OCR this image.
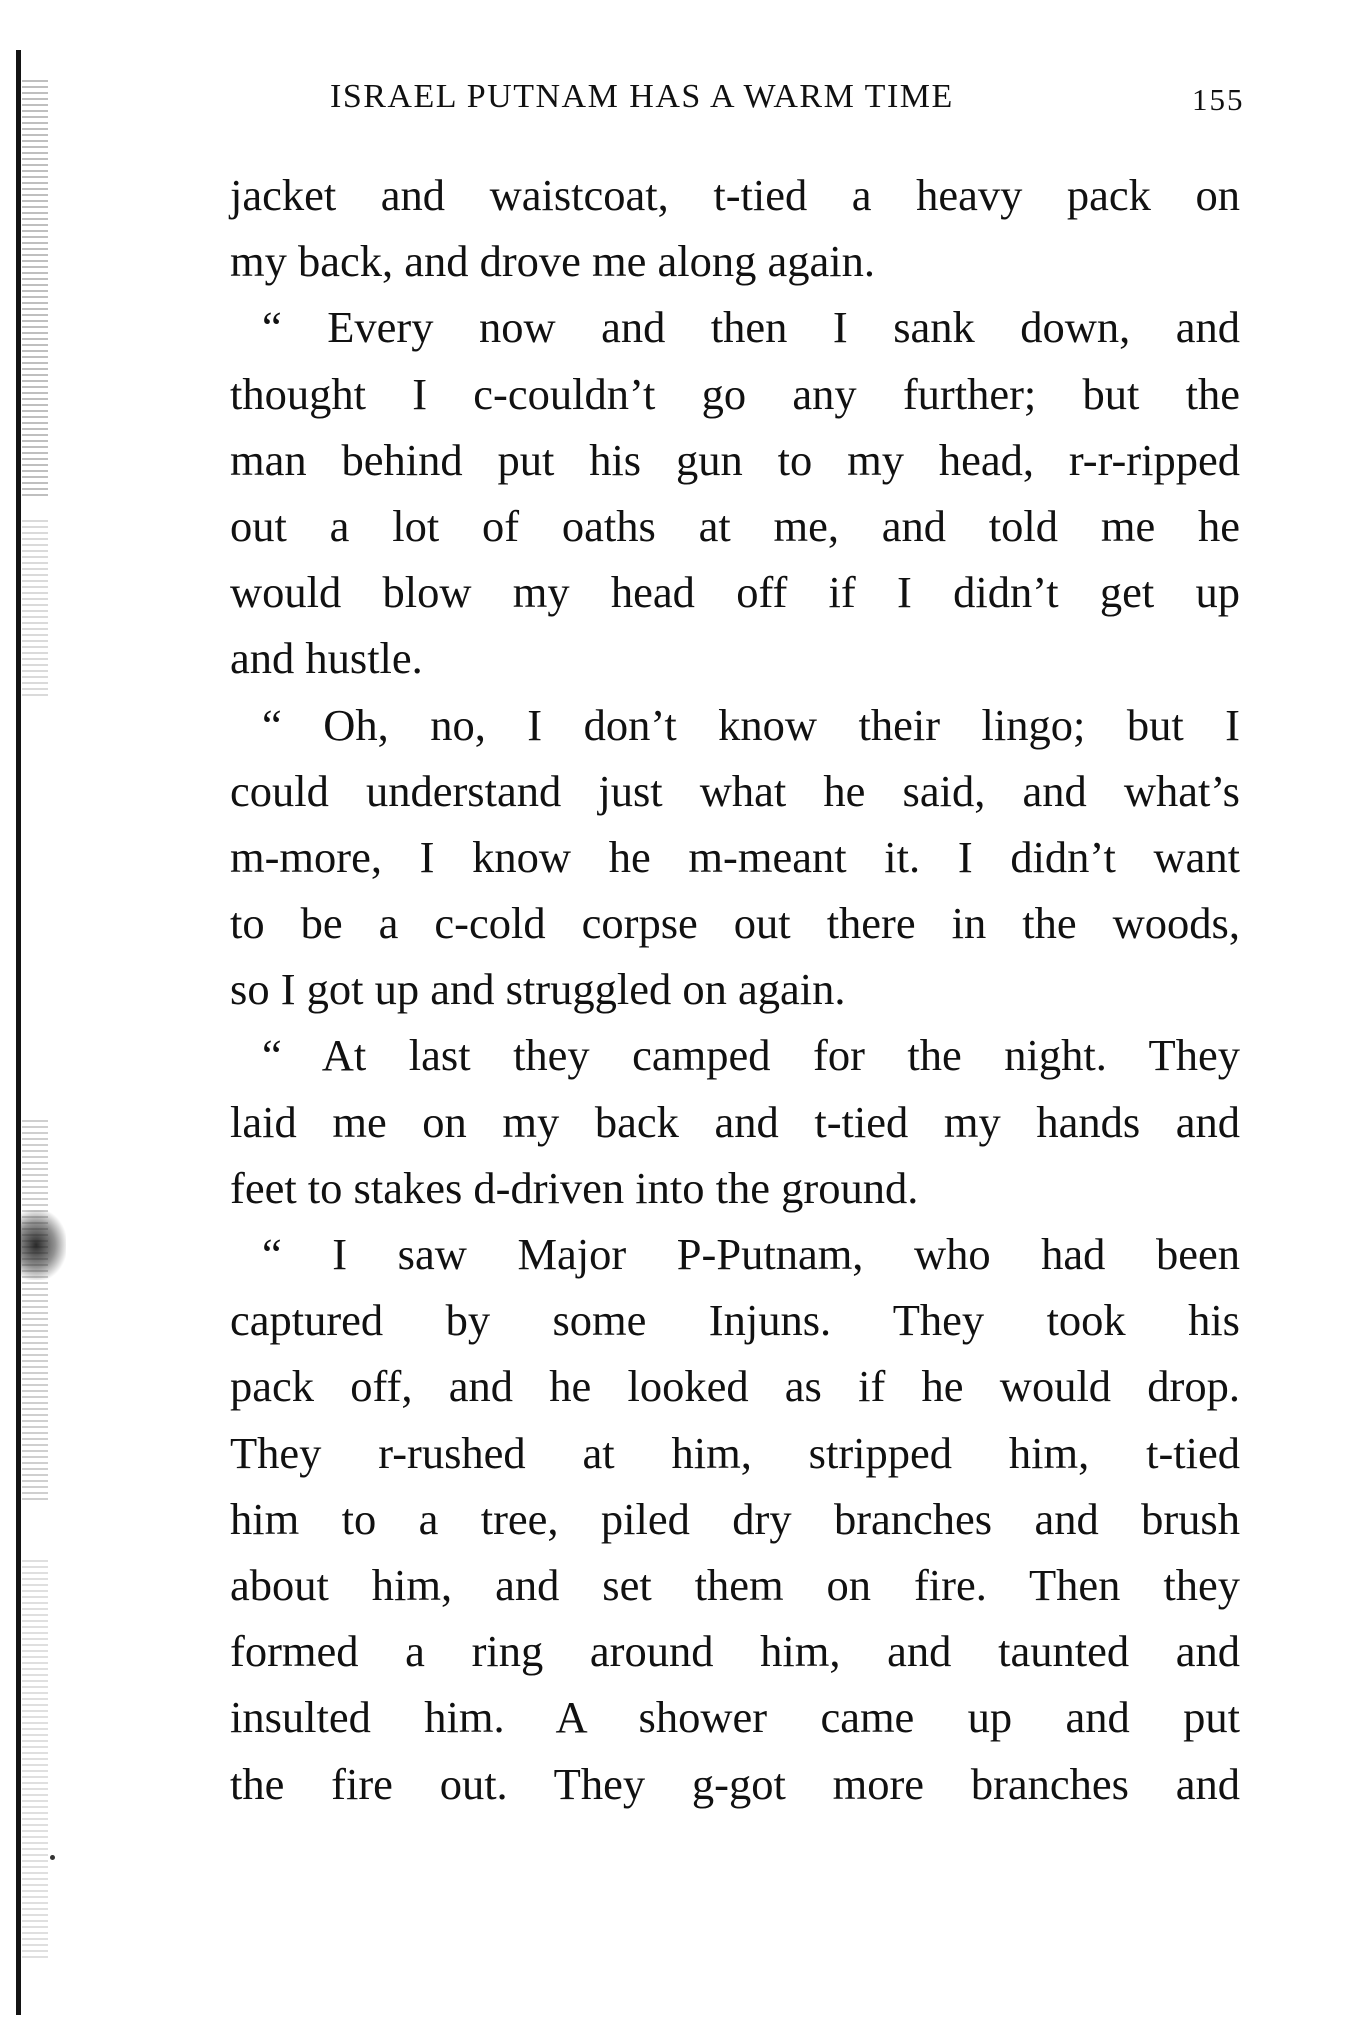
ISRAEL PUTNAM HAS A WARM TIME	155
jacket and waistcoat, t-tied a heavy pack on
my back, and drove me along again.
“ Every now and then I sank down, and
thought I c-couldn’t go any further; but the
man behind put his gun to my head, r-r-ripped
out a lot of oaths at me, and told me he
would blow my head off if I didn’t get up
and hustle.
“ Oh, no, I don’t know their lingo; but I
could understand just what he said, and what’s
m-more, I know he m-meant it. I didn’t want
to be a c-cold corpse out there in the woods,
so I got up and struggled on again.
“ At last they camped for the night. They
laid me on my back and t-tied my hands and
feet to stakes d-driven into the ground.
“ I saw Major P-Putnam, who had been
captured by some Injuns. They took his
pack off, and he looked as if he would drop.
They r-rushed at him, stripped him, t-tied
him to a tree, piled dry branches and brush
about him, and set them on fire. Then they
formed a ring around him, and taunted and
insulted him. A shower came up and put
the fire out. They g-got more branches and
